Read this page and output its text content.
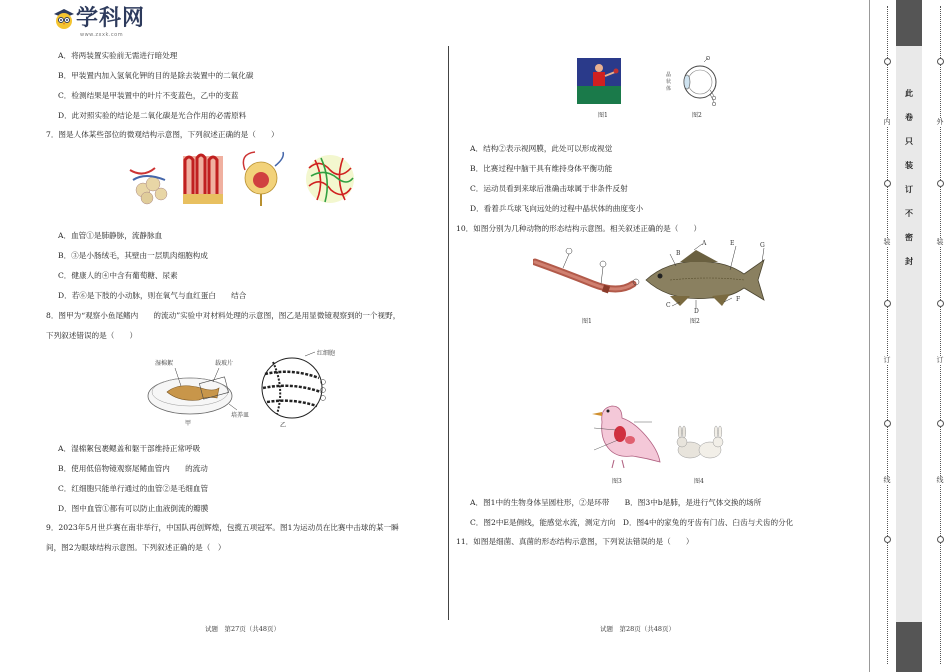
学科网
www.zxxk.com
A．将两装置实验前无需进行暗处理
B．甲装置内加入氢氧化钾的目的是除去装置中的二氧化碳
C．检测结果是甲装置中的叶片不变蓝色，乙中的变蓝
D．此对照实验的结论是二氧化碳是光合作用的必需原料
7．图是人体某些部位的微观结构示意图，下列叙述正确的是（　　）
A．血管①是肺静脉，流静脉血
B．③是小肠绒毛，其壁由一层肌肉细胞构成
C．健康人的④中含有葡萄糖、尿素
D．若⑥是下肢的小动脉，则在氧气与血红蛋白　　结合
8．图甲为“观察小鱼尾鳍内　　的流动”实验中对材料处理的示意图，图乙是用显微镜观察到的一个视野，
下列叙述错误的是（　　）
湿棉絮	载玻片
培养皿
红细胞
甲	乙
A．湿棉絮包裹鳃盖和躯干部维持正常呼吸
B．使用低倍物镜观察尾鳍血管内　　的流动
C．红细胞只能单行通过的血管②是毛细血管
D．图中血管①都有可以防止血液倒流的瓣膜
9．2023年5月世乒赛在南非举行，中国队再创辉煌，包揽五项冠军。图1为运动员在比赛中击球的某一瞬
间，图2为眼球结构示意图。下列叙述正确的是（　）
试题　第27页（共48页）
晶状体
图1	图2
A．结构②表示视网膜，此处可以形成视觉
B．比赛过程中脑干具有维持身体平衡功能
C．运动员看到来球后准确击球属于非条件反射
D．看着乒乓球飞向远处的过程中晶状体的曲度变小
10．如图分别为几种动物的形态结构示意图。相关叙述正确的是（　　）
图1
A
B
C
D
E
F
G
图2
图3	图4
A．图1中的生物身体呈圆柱形，②是环带　　B．图3中b是肺，是进行气体交换的场所
C．图2中E是侧线，能感觉水流，测定方向　D．图4中的家兔的牙齿有门齿、臼齿与犬齿的分化
11．如图是细菌、真菌的形态结构示意图，下列说法错误的是（　　）
试题　第28页（共48页）
内
装
订
线
此
卷
只
装
订
不
密
封
外
装
订
线
